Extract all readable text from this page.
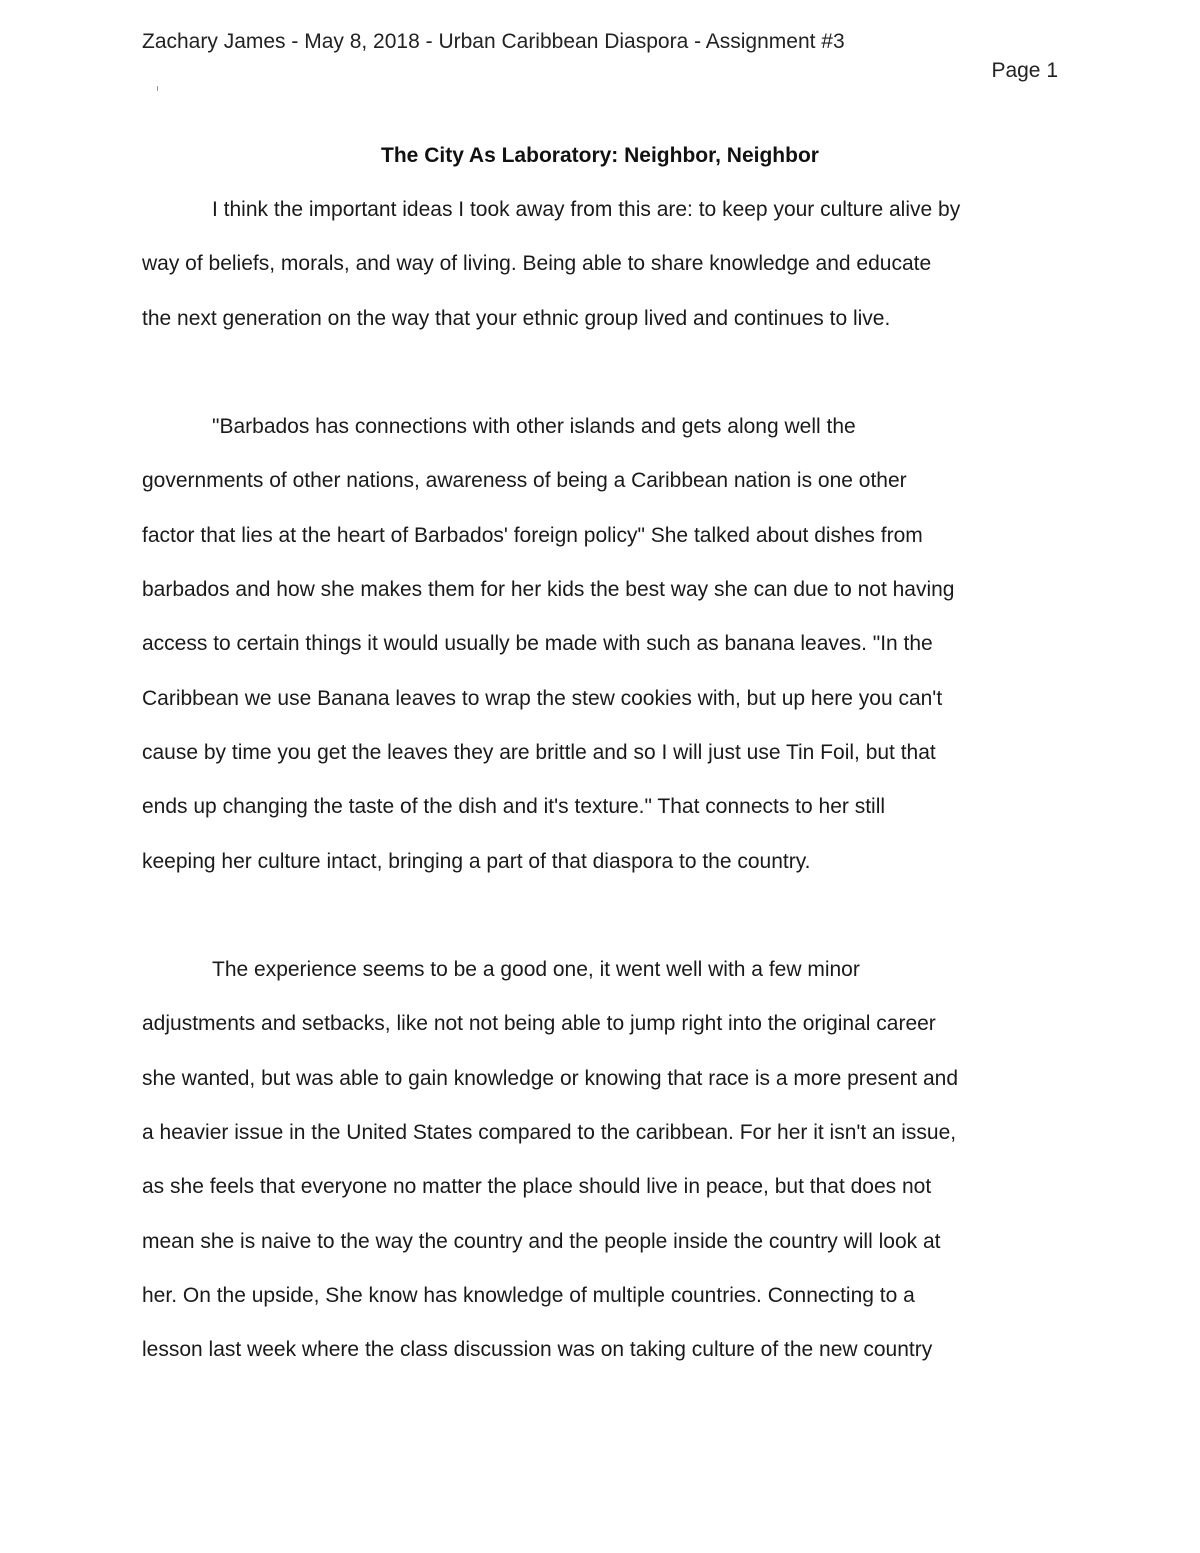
Zachary James - May 8, 2018 - Urban Caribbean Diaspora - Assignment #3
Page 1
The City As Laboratory: Neighbor, Neighbor

I think the important ideas I took away from this are: to keep your culture alive by
way of beliefs, morals, and way of living. Being able to share knowledge and educate
the next generation on the way that your ethnic group lived and continues to live.

"Barbados has connections with other islands and gets along well the
governments of other nations, awareness of being a Caribbean nation is one other
factor that lies at the heart of Barbados' foreign policy" She talked about dishes from
barbados and how she makes them for her kids the best way she can due to not having
access to certain things it would usually be made with such as banana leaves. "In the
Caribbean we use Banana leaves to wrap the stew cookies with, but up here you can't
cause by time you get the leaves they are brittle and so I will just use Tin Foil, but that
ends up changing the taste of the dish and it's texture." That connects to her still
keeping her culture intact, bringing a part of that diaspora to the country.

The experience seems to be a good one, it went well with a few minor
adjustments and setbacks, like not not being able to jump right into the original career
she wanted, but was able to gain knowledge or knowing that race is a more present and
a heavier issue in the United States compared to the caribbean. For her it isn't an issue,
as she feels that everyone no matter the place should live in peace, but that does not
mean she is naive to the way the country and the people inside the country will look at
her. On the upside, She know has knowledge of multiple countries. Connecting to a
lesson last week where the class discussion was on taking culture of the new country
